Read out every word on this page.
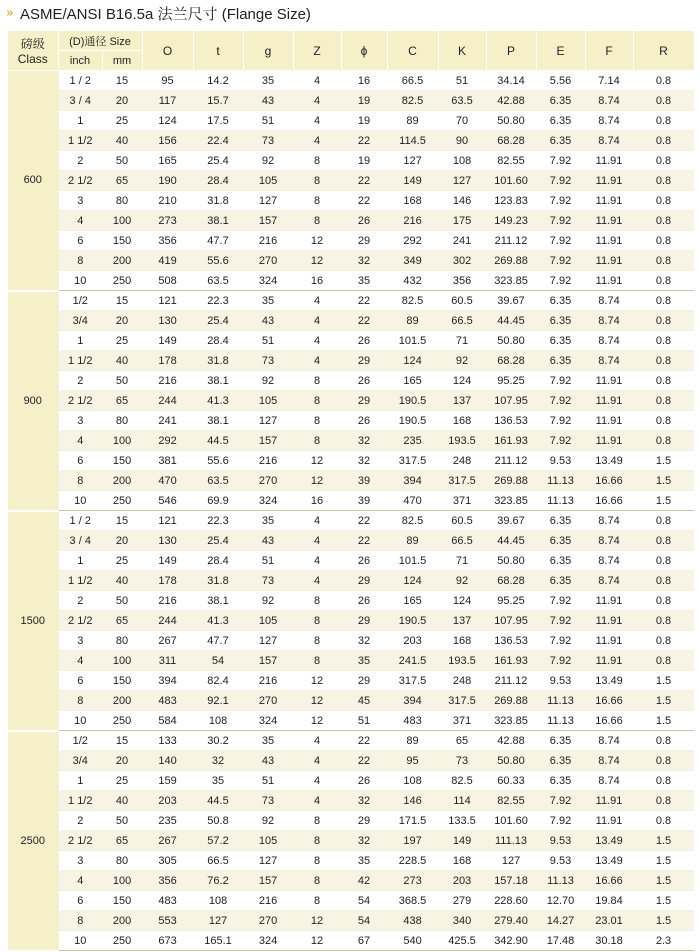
» ASME/ANSI B16.5a 法兰尺寸 (Flange Size)
磅级
Class	(D)通径 Size		O	t	g	Z	ϕ	C	K	P	E	F	R
	inch	mm											
600	1 / 2	15	95	14.2	35	4	16	66.5	51	34.14	5.56	7.14	0.8
	3 / 4	20	117	15.7	43	4	19	82.5	63.5	42.88	6.35	8.74	0.8
	1	25	124	17.5	51	4	19	89	70	50.80	6.35	8.74	0.8
	1 1/2	40	156	22.4	73	4	22	114.5	90	68.28	6.35	8.74	0.8
	2	50	165	25.4	92	8	19	127	108	82.55	7.92	11.91	0.8
	2 1/2	65	190	28.4	105	8	22	149	127	101.60	7.92	11.91	0.8
	3	80	210	31.8	127	8	22	168	146	123.83	7.92	11.91	0.8
	4	100	273	38.1	157	8	26	216	175	149.23	7.92	11.91	0.8
	6	150	356	47.7	216	12	29	292	241	211.12	7.92	11.91	0.8
	8	200	419	55.6	270	12	32	349	302	269.88	7.92	11.91	0.8
	10	250	508	63.5	324	16	35	432	356	323.85	7.92	11.91	0.8
900	1/2	15	121	22.3	35	4	22	82.5	60.5	39.67	6.35	8.74	0.8
	3/4	20	130	25.4	43	4	22	89	66.5	44.45	6.35	8.74	0.8
	1	25	149	28.4	51	4	26	101.5	71	50.80	6.35	8.74	0.8
	1 1/2	40	178	31.8	73	4	29	124	92	68.28	6.35	8.74	0.8
	2	50	216	38.1	92	8	26	165	124	95.25	7.92	11.91	0.8
	2 1/2	65	244	41.3	105	8	29	190.5	137	107.95	7.92	11.91	0.8
	3	80	241	38.1	127	8	26	190.5	168	136.53	7.92	11.91	0.8
	4	100	292	44.5	157	8	32	235	193.5	161.93	7.92	11.91	0.8
	6	150	381	55.6	216	12	32	317.5	248	211.12	9.53	13.49	1.5
	8	200	470	63.5	270	12	39	394	317.5	269.88	11.13	16.66	1.5
	10	250	546	69.9	324	16	39	470	371	323.85	11.13	16.66	1.5
1500	1 / 2	15	121	22.3	35	4	22	82.5	60.5	39.67	6.35	8.74	0.8
	3 / 4	20	130	25.4	43	4	22	89	66.5	44.45	6.35	8.74	0.8
	1	25	149	28.4	51	4	26	101.5	71	50.80	6.35	8.74	0.8
	1 1/2	40	178	31.8	73	4	29	124	92	68.28	6.35	8.74	0.8
	2	50	216	38.1	92	8	26	165	124	95.25	7.92	11.91	0.8
	2 1/2	65	244	41.3	105	8	29	190.5	137	107.95	7.92	11.91	0.8
	3	80	267	47.7	127	8	32	203	168	136.53	7.92	11.91	0.8
	4	100	311	54	157	8	35	241.5	193.5	161.93	7.92	11.91	0.8
	6	150	394	82.4	216	12	29	317.5	248	211.12	9.53	13.49	1.5
	8	200	483	92.1	270	12	45	394	317.5	269.88	11.13	16.66	1.5
	10	250	584	108	324	12	51	483	371	323.85	11.13	16.66	1.5
2500	1/2	15	133	30.2	35	4	22	89	65	42.88	6.35	8.74	0.8
	3/4	20	140	32	43	4	22	95	73	50.80	6.35	8.74	0.8
	1	25	159	35	51	4	26	108	82.5	60.33	6.35	8.74	0.8
	1 1/2	40	203	44.5	73	4	32	146	114	82.55	7.92	11.91	0.8
	2	50	235	50.8	92	8	29	171.5	133.5	101.60	7.92	11.91	0.8
	2 1/2	65	267	57.2	105	8	32	197	149	111.13	9.53	13.49	1.5
	3	80	305	66.5	127	8	35	228.5	168	127	9.53	13.49	1.5
	4	100	356	76.2	157	8	42	273	203	157.18	11.13	16.66	1.5
	6	150	483	108	216	8	54	368.5	279	228.60	12.70	19.84	1.5
	8	200	553	127	270	12	54	438	340	279.40	14.27	23.01	1.5
	10	250	673	165.1	324	12	67	540	425.5	342.90	17.48	30.18	2.3
